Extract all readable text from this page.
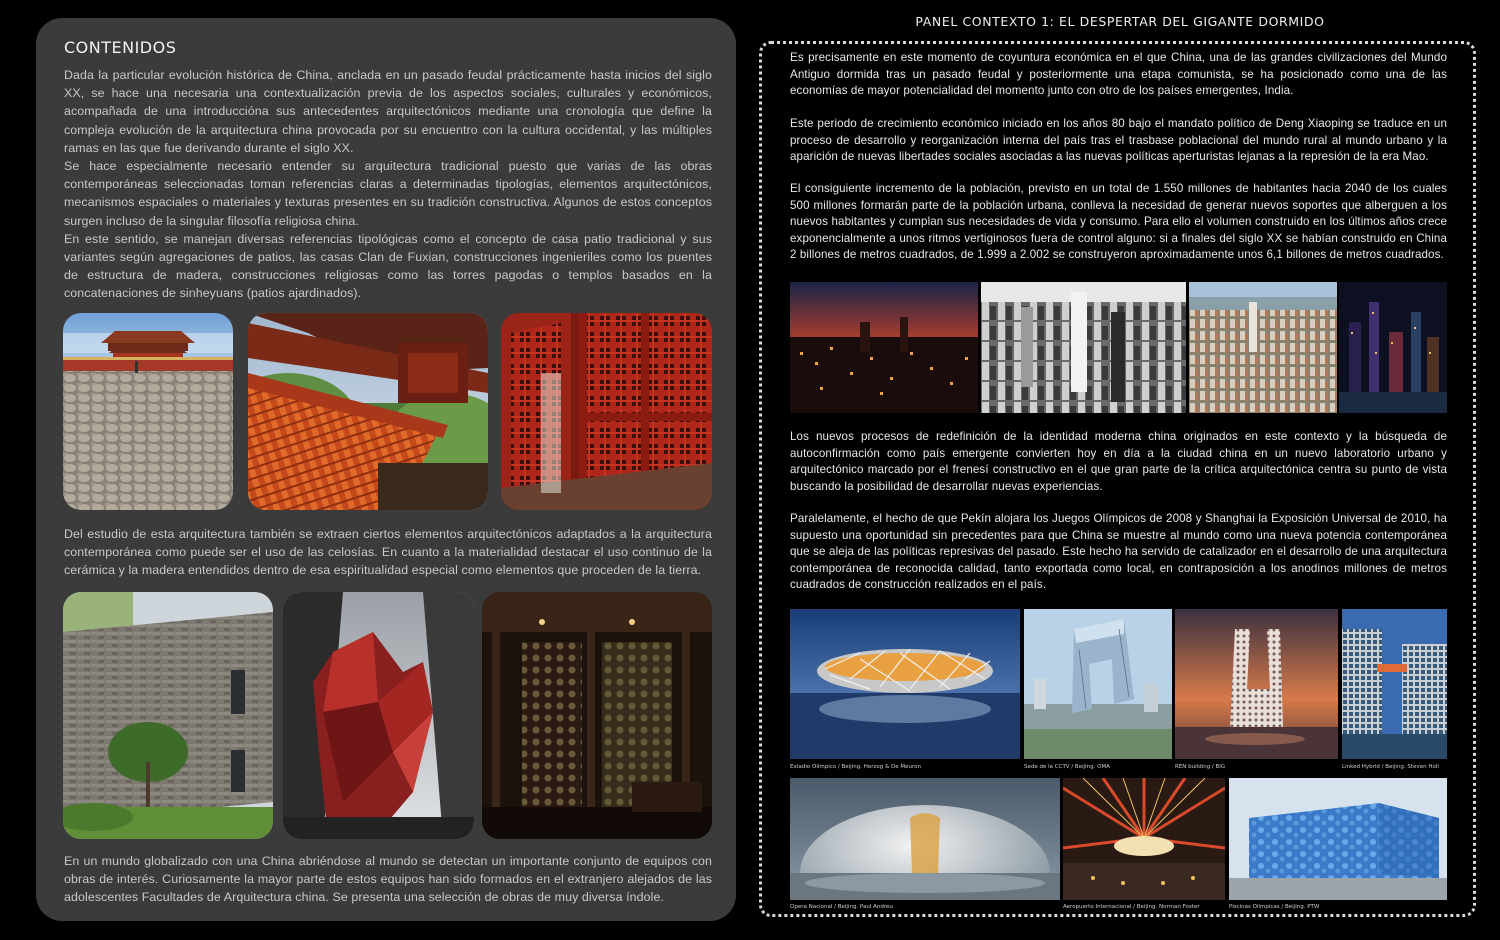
CONTENIDOS

Dada la particular evolución histórica de China, anclada en un pasado feudal prácticamente hasta inicios del siglo XX, se hace una necesaria una contextualización previa de los aspectos sociales, culturales y económicos, acompañada de una introducciónа sus antecedentes arquitectónicos mediante una cronología que define la compleja evolución de la arquitectura china provocada por su encuentro con la cultura occidental, y las múltiples ramas en las que fue derivando durante el siglo XX.

Se hace especialmente necesario entender su arquitectura tradicional puesto que varias de las obras contemporáneas seleccionadas toman referencias claras a determinadas tipologías, elementos arquitectónicos, mecanismos espaciales o materiales y texturas presentes en su tradición constructiva. Algunos de estos conceptos surgen incluso de la singular filosofía religiosa china.

En este sentido, se manejan diversas referencias tipológicas como el concepto de casa patio tradicional y sus variantes según agregaciones de patios, las casas Clan de Fuxian, construcciones ingenieriles como los puentes de estructura de madera, construcciones religiosas como las torres pagodas o templos basados en la concatenaciones de sinheyuans (patios ajardinados).

Del estudio de esta arquitectura también se extraen ciertos elementos arquitectónicos adaptados a la arquitectura contemporánea como puede ser el uso de las celosías. En cuanto a la materialidad destacar el uso continuo de la cerámica y la madera entendidos dentro de esa espiritualidad especial como elementos que proceden de la tierra.
En un mundo globalizado con una China abriéndose al mundo se detectan un importante conjunto de equipos con obras de interés. Curiosamente la mayor parte de estos equipos han sido formados en el extranjero alejados de las adolescentes Facultades de Arquitectura china. Se presenta una selección de obras de muy diversa índole.
PANEL CONTEXTO 1: EL DESPERTAR DEL GIGANTE DORMIDO

Es precisamente en este momento de coyuntura económica en el que China, una de las grandes civilizaciones del Mundo Antiguo dormida tras un pasado feudal y posteriormente una etapa comunista, se ha posicionado como una de las economías de mayor potencialidad del momento junto con otro de los países emergentes, India.

Este periodo de crecimiento económico iniciado en los años 80 bajo el mandato político de Deng Xiaoping se traduce en un proceso de desarrollo y reorganización interna del país tras el trasbase poblacional del mundo rural al mundo urbano y la aparición de nuevas libertades sociales asociadas a las nuevas políticas aperturistas lejanas a la represión de la era Mao.

El consiguiente incremento de la población, previsto en un total de 1.550 millones de habitantes hacia 2040 de los cuales 500 millones formarán parte de la población urbana, conlleva la necesidad de generar nuevos soportes que alberguen a los nuevos habitantes y cumplan sus necesidades de vida y consumo. Para ello el volumen construido en los últimos años crece exponencialmente a unos ritmos vertiginosos fuera de control alguno: si a finales del siglo XX se habían construido en China 2 billones de metros cuadrados, de 1.999 a 2.002 se construyeron aproximadamente unos 6,1 billones de metros cuadrados.

Los nuevos procesos de redefinición de la identidad moderna china originados en este contexto y la búsqueda de autoconfirmación como país emergente convierten hoy en día a la ciudad china en un nuevo laboratorio urbano y arquitectónico marcado por el frenesí constructivo en el que gran parte de la crítica arquitectónica centra su punto de vista buscando la posibilidad de desarrollar nuevas experiencias.

Paralelamente, el hecho de que Pekín alojara los Juegos Olímpicos de 2008 y Shanghai la Exposición Universal de 2010, ha supuesto una oportunidad sin precedentes para que China se muestre al mundo como una nueva potencia contemporánea que se aleja de las políticas represivas del pasado. Este hecho ha servido de catalizador en el desarrollo de una arquitectura contemporánea de reconocida calidad, tanto exportada como local, en contraposición a los anodinos millones de metros cuadrados de construcción realizados en el país.

Estadio Olímpico / Beijing. Herzog & De Meuron	Sede de la CCTV / Beijing. OMA	REN building / BIG	Linked Hybrid / Beijing. Steven Holl
Opera Nacional / Beijing. Paul Andreu	Aeropuerto Internacional / Beijing. Norman Foster	Piscinas Olímpicas / Beijing. PTW
